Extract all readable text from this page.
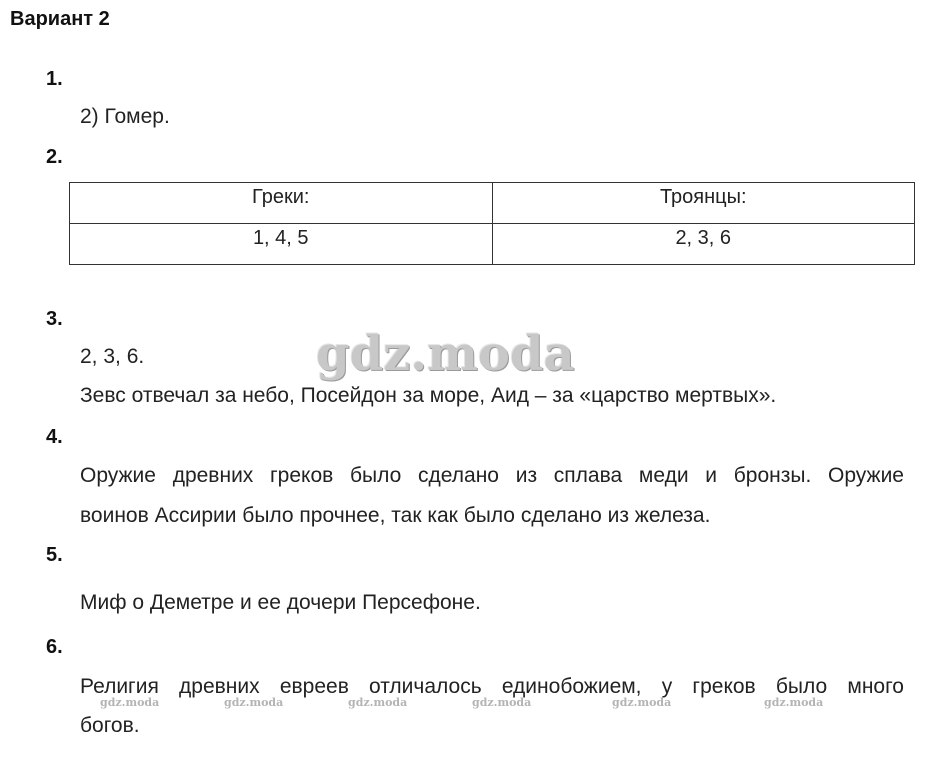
Вариант 2
1.
2) Гомер.
2.
Греки:	Троянцы:
1, 4, 5	2, 3, 6
3.
2, 3, 6.
Зевс отвечал за небо, Посейдон за море, Аид – за «царство мертвых».
gdz.moda
4.
Оружие древних греков было сделано из сплава меди и бронзы. Оружие
воинов Ассирии было прочнее, так как было сделано из железа.
5.
Миф о Деметре и ее дочери Персефоне.
6.
Религия древних евреев отличалось единобожием, у греков было много
богов.
gdz.moda	gdz.moda	gdz.moda	gdz.moda	gdz.moda	gdz.moda
